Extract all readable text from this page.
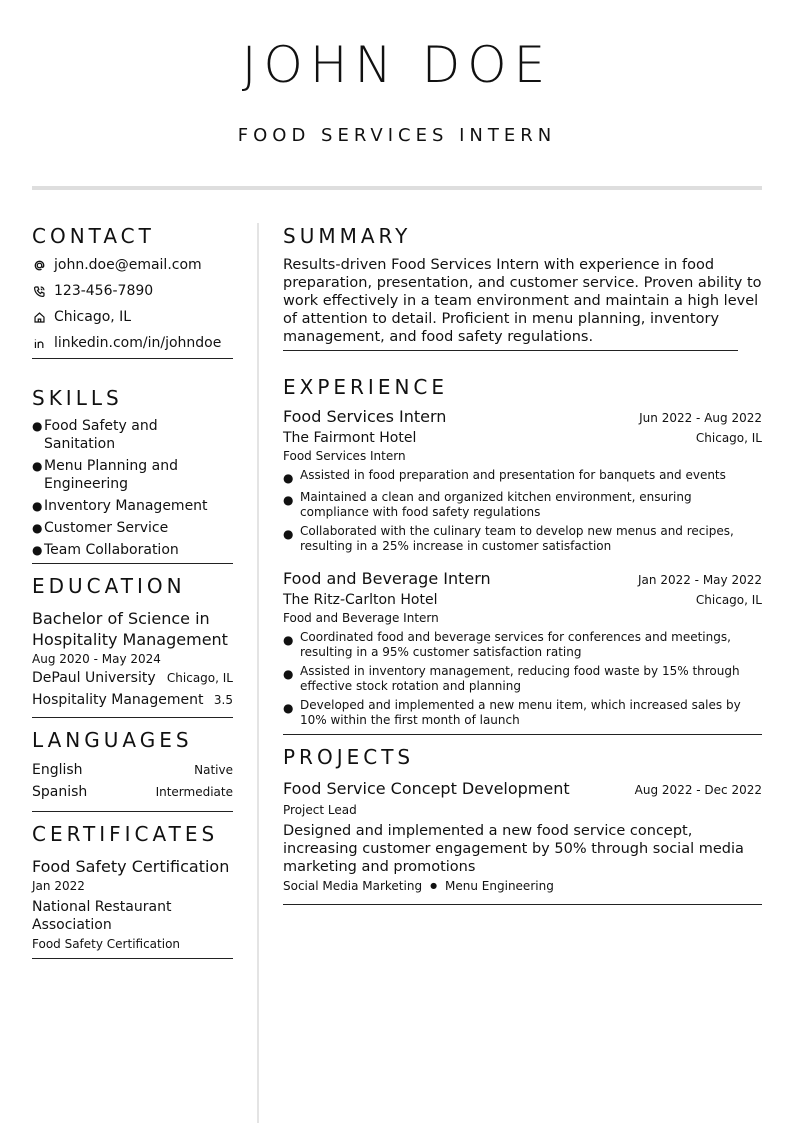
JOHN DOE
FOOD SERVICES INTERN
CONTACT
john.doe@email.com
123-456-7890
Chicago, IL
linkedin.com/in/johndoe
SKILLS
● Food Safety and Sanitation
● Menu Planning and Engineering
● Inventory Management
● Customer Service
● Team Collaboration
EDUCATION
Bachelor of Science in Hospitality Management
Aug 2020 - May 2024
DePaul University Chicago, IL
Hospitality Management 3.5
LANGUAGES
English	Native
Spanish	Intermediate
CERTIFICATES
Food Safety Certification
Jan 2022
National Restaurant Association
Food Safety Certification
SUMMARY
Results-driven Food Services Intern with experience in food preparation, presentation, and customer service. Proven ability to work effectively in a team environment and maintain a high level of attention to detail. Proficient in menu planning, inventory management, and food safety regulations.
EXPERIENCE
Food Services Intern	Jun 2022 - Aug 2022
The Fairmont Hotel	Chicago, IL
Food Services Intern
● Assisted in food preparation and presentation for banquets and events
● Maintained a clean and organized kitchen environment, ensuring compliance with food safety regulations
● Collaborated with the culinary team to develop new menus and recipes, resulting in a 25% increase in customer satisfaction
Food and Beverage Intern	Jan 2022 - May 2022
The Ritz-Carlton Hotel	Chicago, IL
Food and Beverage Intern
● Coordinated food and beverage services for conferences and meetings, resulting in a 95% customer satisfaction rating
● Assisted in inventory management, reducing food waste by 15% through effective stock rotation and planning
● Developed and implemented a new menu item, which increased sales by 10% within the first month of launch
PROJECTS
Food Service Concept Development	Aug 2022 - Dec 2022
Project Lead
Designed and implemented a new food service concept, increasing customer engagement by 50% through social media marketing and promotions
Social Media Marketing ● Menu Engineering
